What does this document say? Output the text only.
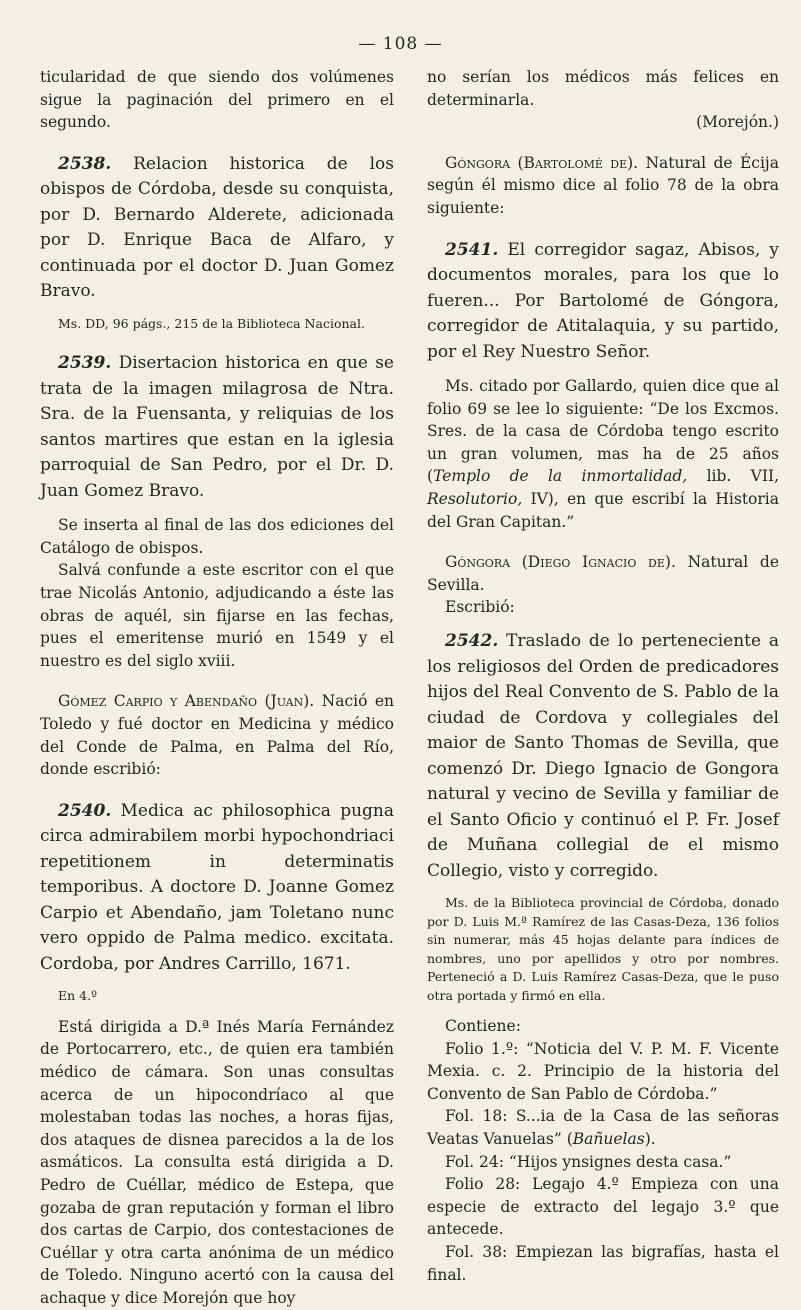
— 108 —

ticularidad de que siendo dos volúmenes sigue la paginación del primero en el segundo.

2538. Relacion historica de los obispos de Córdoba, desde su conquista, por D. Bernardo Alderete, adicionada por D. Enrique Baca de Alfaro, y continuada por el doctor D. Juan Gomez Bravo.

Ms. DD, 96 págs., 215 de la Biblioteca Nacional.

2539. Disertacion historica en que se trata de la imagen milagrosa de Ntra. Sra. de la Fuensanta, y reliquias de los santos martires que estan en la iglesia parroquial de San Pedro, por el Dr. D. Juan Gomez Bravo.

Se inserta al final de las dos ediciones del Catálogo de obispos.

Salvá confunde a este escritor con el que trae Nicolás Antonio, adjudicando a éste las obras de aquél, sin fijarse en las fechas, pues el emeritense murió en 1549 y el nuestro es del siglo xviii.

Gómez Carpio y Abendaño (Juan). Nació en Toledo y fué doctor en Medicina y médico del Conde de Palma, en Palma del Río, donde escribió:

2540. Medica ac philosophica pugna circa admirabilem morbi hypochondriaci repetitionem in determinatis temporibus. A doctore D. Joanne Gomez Carpio et Abendaño, jam Toletano nunc vero oppido de Palma medico. excitata. Cordoba, por Andres Carrillo, 1671.

En 4.º

Está dirigida a D.ª Inés María Fernández de Portocarrero, etc., de quien era también médico de cámara. Son unas consultas acerca de un hipocondríaco al que molestaban todas las noches, a horas fijas, dos ataques de disnea parecidos a la de los asmáticos. La consulta está dirigida a D. Pedro de Cuéllar, médico de Estepa, que gozaba de gran reputación y forman el libro dos cartas de Carpio, dos contestaciones de Cuéllar y otra carta anónima de un médico de Toledo. Ninguno acertó con la causa del achaque y dice Morejón que hoy

no serían los médicos más felices en determinarla.

(Morejón.)

Góngora (Bartolomé de). Natural de Écija según él mismo dice al folio 78 de la obra siguiente:

2541. El corregidor sagaz, Abisos, y documentos morales, para los que lo fueren... Por Bartolomé de Góngora, corregidor de Atitalaquia, y su partido, por el Rey Nuestro Señor.

Ms. citado por Gallardo, quien dice que al folio 69 se lee lo siguiente: “De los Excmos. Sres. de la casa de Córdoba tengo escrito un gran volumen, mas ha de 25 años (Templo de la inmortalidad, lib. VII, Resolutorio, IV), en que escribí la Historia del Gran Capitan.”

Góngora (Diego Ignacio de). Natural de Sevilla.

Escribió:

2542. Traslado de lo perteneciente a los religiosos del Orden de predicadores hijos del Real Convento de S. Pablo de la ciudad de Cordova y collegiales del maior de Santo Thomas de Sevilla, que comenzó Dr. Diego Ignacio de Gongora natural y vecino de Sevilla y familiar de el Santo Oficio y continuó el P. Fr. Josef de Muñana collegial de el mismo Collegio, visto y corregido.

Ms. de la Biblioteca provincial de Córdoba, donado por D. Luis M.ª Ramírez de las Casas-Deza, 136 folios sin numerar, más 45 hojas delante para índices de nombres, uno por apellidos y otro por nombres. Perteneció a D. Luis Ramírez Casas-Deza, que le puso otra portada y firmó en ella.

Contiene:

Folio 1.º: “Noticia del V. P. M. F. Vicente Mexia. c. 2. Principio de la historia del Convento de San Pablo de Córdoba.”

Fol. 18: S...ia de la Casa de las señoras Veatas Vanuelas” (Bañuelas).

Fol. 24: “Hijos ynsignes desta casa.”

Folio 28: Legajo 4.º Empieza con una especie de extracto del legajo 3.º que antecede.

Fol. 38: Empiezan las bigrafías, hasta el final.
